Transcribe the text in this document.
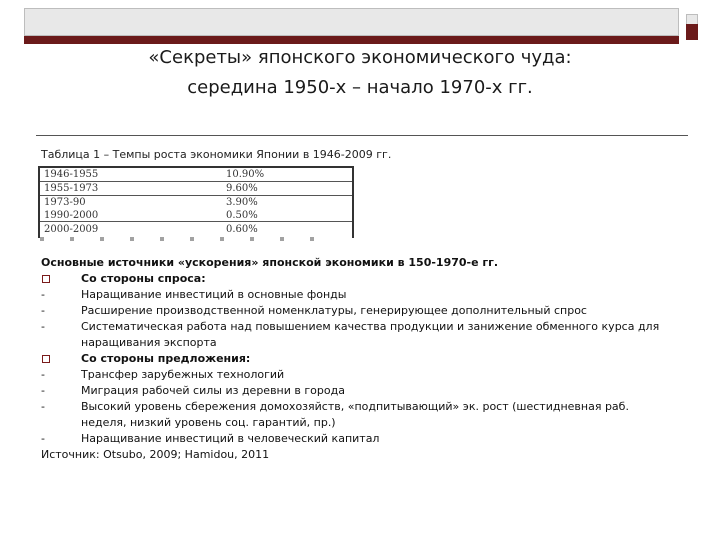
«Секреты» японского экономического чуда:
середина 1950-х – начало 1970-х гг.
Таблица 1 – Темпы роста экономики Японии в 1946-2009 гг.
1946-1955	10.90%
1955-1973	9.60%
1973-90	3.90%
1990-2000	0.50%
2000-2009	0.60%
Основные источники «ускорения» японской экономики в 150-1970-е гг.
Со стороны спроса:
-	Наращивание инвестиций в основные фонды
-	Расширение производственной номенклатуры, генерирующее дополнительный спрос
-	Систематическая работа над повышением качества продукции и занижение обменного курса для
наращивания экспорта
Со стороны предложения:
-	Трансфер зарубежных технологий
-	Миграция рабочей силы из деревни в города
-	Высокий уровень сбережения домохозяйств, «подпитывающий» эк. рост (шестидневная раб.
неделя, низкий уровень соц. гарантий, пр.)
-	Наращивание инвестиций в человеческий капитал
Источник: Otsubo, 2009; Hamidou, 2011
